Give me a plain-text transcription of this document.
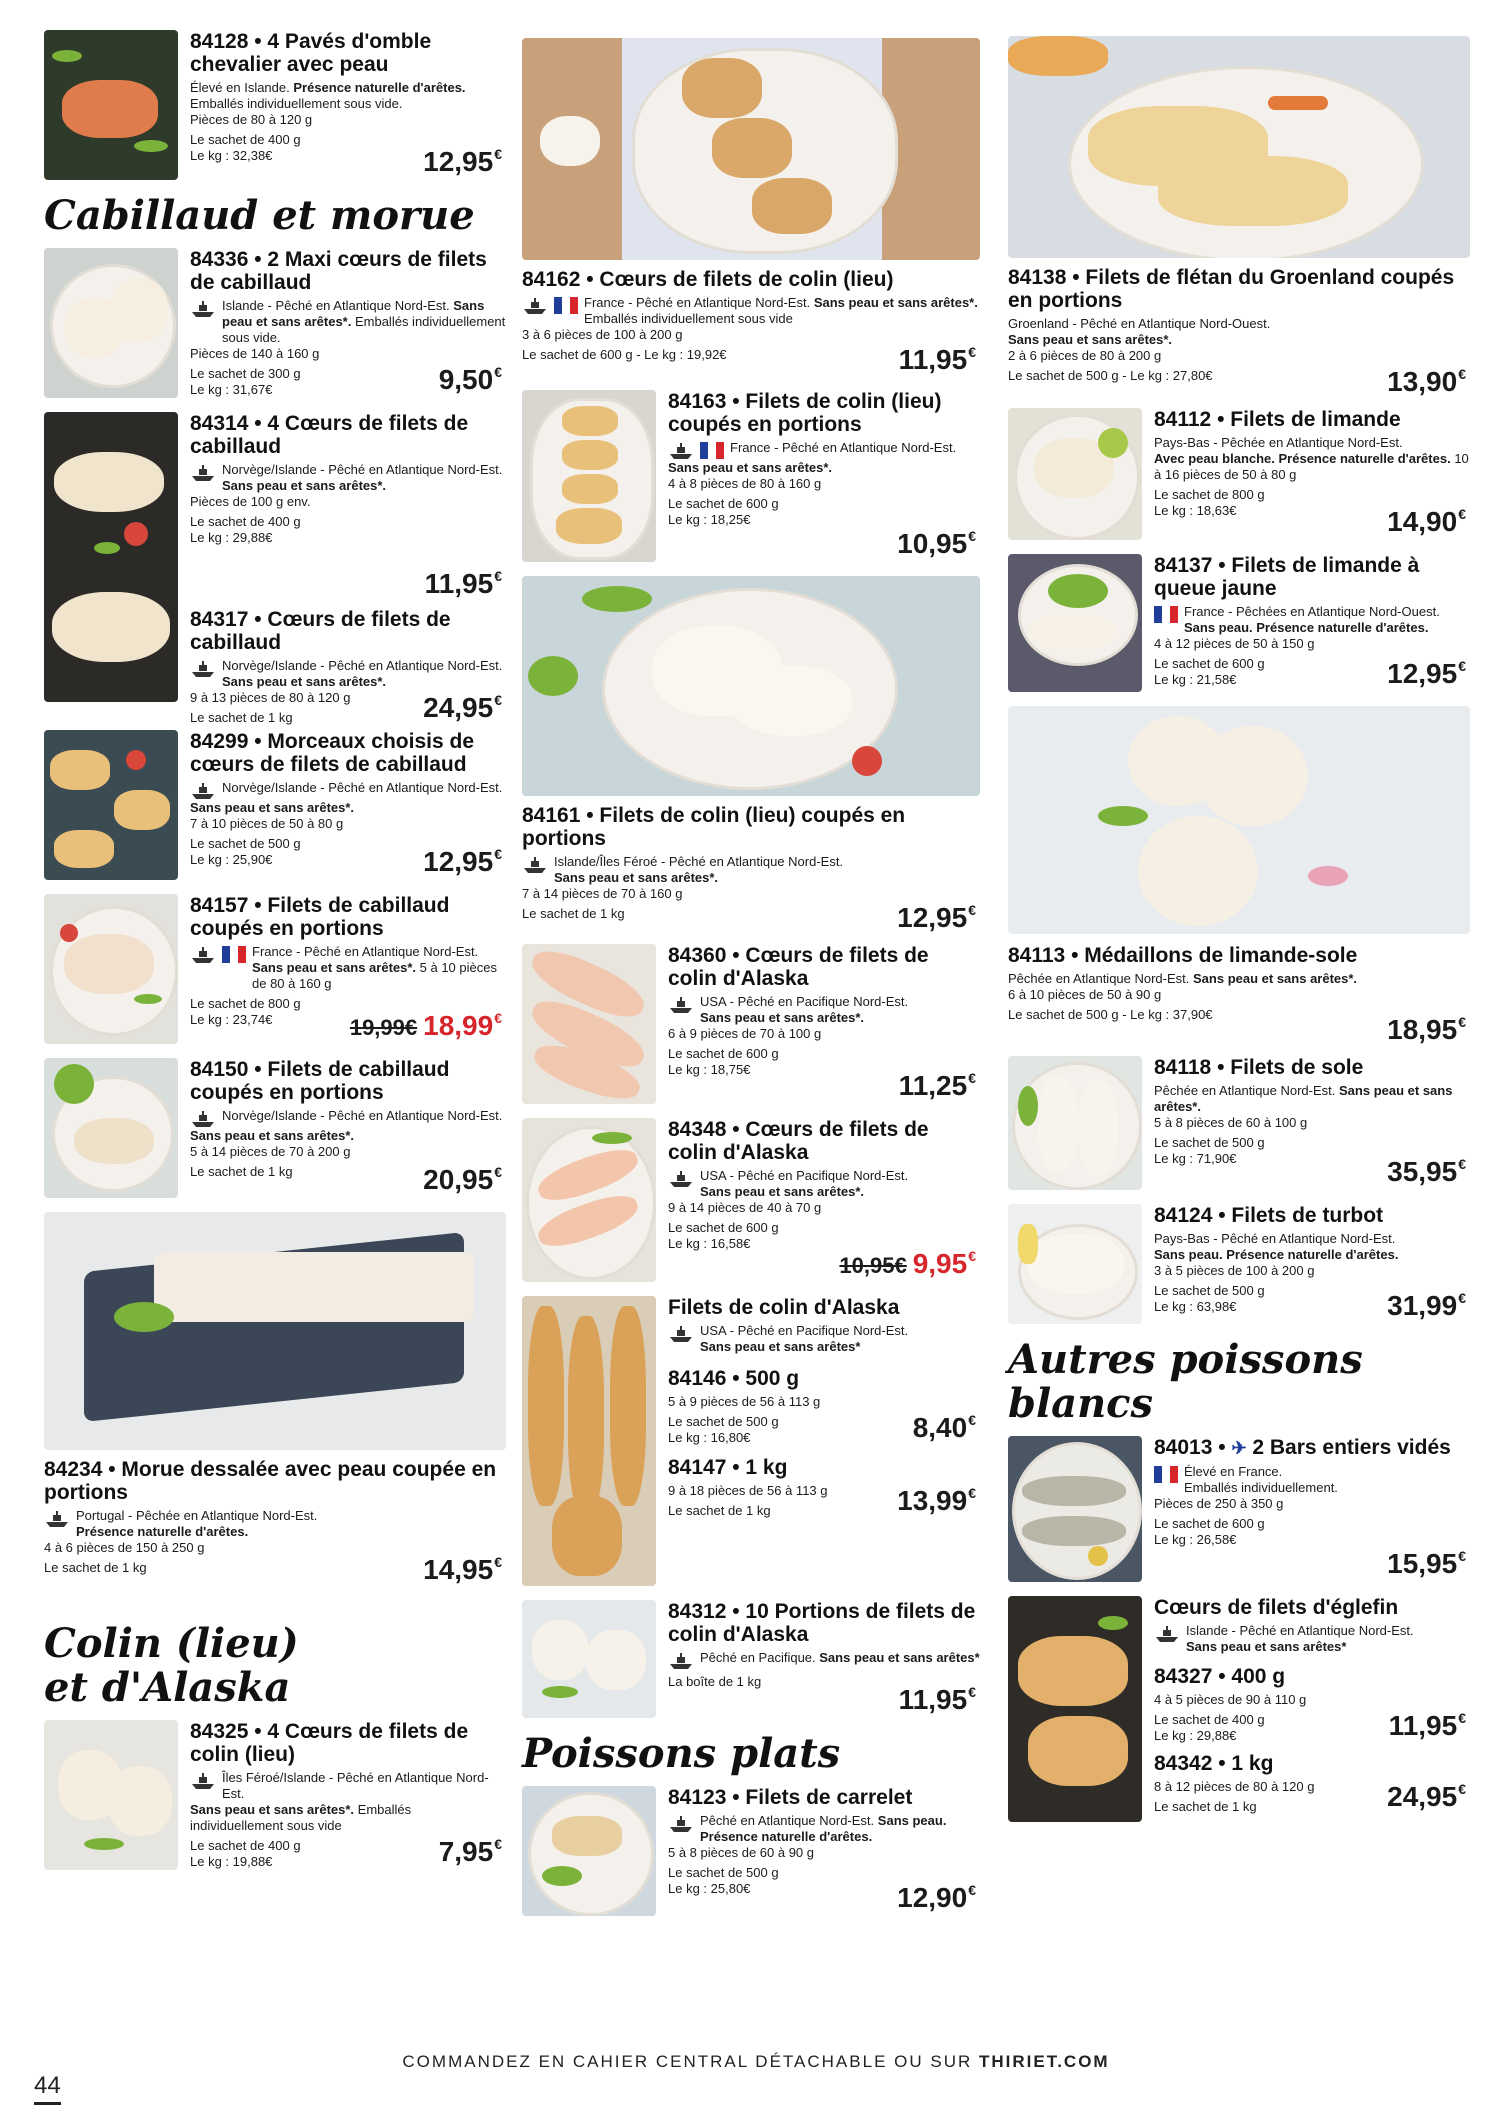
84128 • 4 Pavés d'omble chevalier avec peau

Élevé en Islande. Présence naturelle d'arêtes. Emballés individuellement sous vide.
Pièces de 80 à 120 g
Le sachet de 400 g
Le kg : 32,38€	12,95€
Cabillaud et morue

84336 • 2 Maxi cœurs de filets de cabillaud

Islande - Pêché en Atlantique Nord-Est. Sans peau et sans arêtes*. Emballés individuellement sous vide.
Pièces de 140 à 160 g
Le sachet de 300 g
Le kg : 31,67€	9,50€

84314 • 4 Cœurs de filets de cabillaud

Norvège/Islande - Pêché en Atlantique Nord-Est. Sans peau et sans arêtes*.
Pièces de 100 g env.
Le sachet de 400 g
Le kg : 29,88€
11,95€

84317 • Cœurs de filets de cabillaud

Norvège/Islande - Pêché en Atlantique Nord-Est. Sans peau et sans arêtes*.
9 à 13 pièces de 80 à 120 g
Le sachet de 1 kg	24,95€

84299 • Morceaux choisis de cœurs de filets de cabillaud

Norvège/Islande - Pêché en Atlantique Nord-Est.
Sans peau et sans arêtes*.
7 à 10 pièces de 50 à 80 g
Le sachet de 500 g
Le kg : 25,90€	12,95€

84157 • Filets de cabillaud coupés en portions

France - Pêché en Atlantique Nord-Est. Sans peau et sans arêtes*. 5 à 10 pièces de 80 à 160 g
Le sachet de 800 g
Le kg : 23,74€	19,99€ 18,99€

84150 • Filets de cabillaud coupés en portions

Norvège/Islande - Pêché en Atlantique Nord-Est.
Sans peau et sans arêtes*.
5 à 14 pièces de 70 à 200 g
Le sachet de 1 kg	20,95€

84234 • Morue dessalée avec peau coupée en portions

Portugal - Pêchée en Atlantique Nord-Est.
Présence naturelle d'arêtes.
4 à 6 pièces de 150 à 250 g
Le sachet de 1 kg	14,95€
Colin (lieu) et d'Alaska

84325 • 4 Cœurs de filets de colin (lieu)

Îles Féroé/Islande - Pêché en Atlantique Nord-Est.
Sans peau et sans arêtes*. Emballés individuellement sous vide
Le sachet de 400 g
Le kg : 19,88€	7,95€

84162 • Cœurs de filets de colin (lieu)

France - Pêché en Atlantique Nord-Est. Sans peau et sans arêtes*. Emballés individuellement sous vide
3 à 6 pièces de 100 à 200 g
Le sachet de 600 g - Le kg : 19,92€	11,95€

84163 • Filets de colin (lieu) coupés en portions

France - Pêché en Atlantique Nord-Est.
Sans peau et sans arêtes*.
4 à 8 pièces de 80 à 160 g
Le sachet de 600 g
Le kg : 18,25€
10,95€

84161 • Filets de colin (lieu) coupés en portions

Islande/Îles Féroé - Pêché en Atlantique Nord-Est.
Sans peau et sans arêtes*.
7 à 14 pièces de 70 à 160 g
Le sachet de 1 kg	12,95€

84360 • Cœurs de filets de colin d'Alaska

USA - Pêché en Pacifique Nord-Est.
Sans peau et sans arêtes*.
6 à 9 pièces de 70 à 100 g
Le sachet de 600 g
Le kg : 18,75€
11,25€

84348 • Cœurs de filets de colin d'Alaska

USA - Pêché en Pacifique Nord-Est.
Sans peau et sans arêtes*.
9 à 14 pièces de 40 à 70 g
Le sachet de 600 g
Le kg : 16,58€
10,95€ 9,95€

Filets de colin d'Alaska

USA - Pêché en Pacifique Nord-Est.
Sans peau et sans arêtes*

84146 • 500 g

5 à 9 pièces de 56 à 113 g
Le sachet de 500 g
Le kg : 16,80€	8,40€

84147 • 1 kg

9 à 18 pièces de 56 à 113 g
Le sachet de 1 kg	13,99€

84312 • 10 Portions de filets de colin d'Alaska

Pêché en Pacifique. Sans peau et sans arêtes*
La boîte de 1 kg
11,95€
Poissons plats

84123 • Filets de carrelet

Pêché en Atlantique Nord-Est. Sans peau. Présence naturelle d'arêtes.
5 à 8 pièces de 60 à 90 g
Le sachet de 500 g
Le kg : 25,80€	12,90€

84138 • Filets de flétan du Groenland coupés en portions

Groenland - Pêché en Atlantique Nord-Ouest.
Sans peau et sans arêtes*.
2 à 6 pièces de 80 à 200 g
Le sachet de 500 g - Le kg : 27,80€	13,90€

84112 • Filets de limande

Pays-Bas - Pêchée en Atlantique Nord-Est.
Avec peau blanche. Présence naturelle d'arêtes. 10 à 16 pièces de 50 à 80 g
Le sachet de 800 g
Le kg : 18,63€	14,90€

84137 • Filets de limande à queue jaune

France - Pêchées en Atlantique Nord-Ouest. Sans peau. Présence naturelle d'arêtes.
4 à 12 pièces de 50 à 150 g
Le sachet de 600 g
Le kg : 21,58€	12,95€

84113 • Médaillons de limande-sole

Pêchée en Atlantique Nord-Est. Sans peau et sans arêtes*.
6 à 10 pièces de 50 à 90 g
Le sachet de 500 g - Le kg : 37,90€	18,95€

84118 • Filets de sole

Pêchée en Atlantique Nord-Est. Sans peau et sans arêtes*.
5 à 8 pièces de 60 à 100 g
Le sachet de 500 g
Le kg : 71,90€	35,95€

84124 • Filets de turbot

Pays-Bas - Pêché en Atlantique Nord-Est.
Sans peau. Présence naturelle d'arêtes.
3 à 5 pièces de 100 à 200 g
Le sachet de 500 g
Le kg : 63,98€	31,99€
Autres poissons blancs

84013 • ✈ 2 Bars entiers vidés

Élevé en France.
Emballés individuellement.
Pièces de 250 à 350 g
Le sachet de 600 g
Le kg : 26,58€
15,95€

Cœurs de filets d'églefin

Islande - Pêché en Atlantique Nord-Est.
Sans peau et sans arêtes*

84327 • 400 g

4 à 5 pièces de 90 à 110 g
Le sachet de 400 g
Le kg : 29,88€	11,95€

84342 • 1 kg

8 à 12 pièces de 80 à 120 g
Le sachet de 1 kg	24,95€
COMMANDEZ EN CAHIER CENTRAL DÉTACHABLE OU SUR THIRIET.COM
44
